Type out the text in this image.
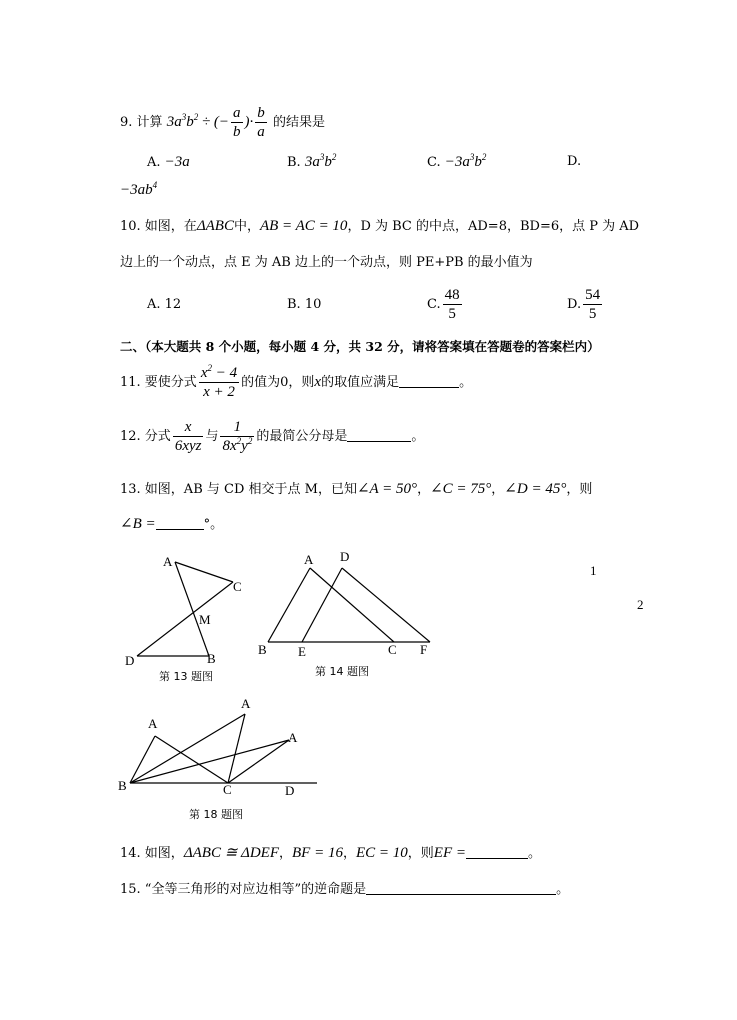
9. 计算 $3a^3b^2$ ÷ (− $\frac{a}{b}$ )· $\frac{b}{a}$ 的结果是
A. −3a	B. $3a^3b^2$	C. $-3a^3b^2$	D.
$-3ab^4$
10. 如图，在ΔABC中，AB = AC = 10，D 为 BC 的中点，AD=8，BD=6，点 P 为 AD
边上的一个动点，点 E 为 AB 边上的一个动点，则 PE+PB 的最小值为
A. 12	B. 10	C. $\frac{48}{5}$	D. $\frac{54}{5}$
二、（本大题共 8 个小题，每小题 4 分，共 32 分，请将答案填在答题卷的答案栏内）
11. 要使分式 $\frac{x^2 - 4}{x + 2}$ 的值为0，则x的取值应满足	。
12. 分式 $\frac{x}{\text{6xyz}}$ 与 $\frac{1}{8x^2y^2}$ 的最简公分母是	。
13. 如图，AB 与 CD 相交于点 M，已知∠A = 50°，∠C = 75°，∠D = 45°，则
∠B =	°。
A
C
M
D	B
第 13 题图
A D
B E	C F
第 14 题图
1
2
A
A
A
B	C	D
第 18 题图
14. 如图，ΔABC ≅ ΔDEF，BF = 16，EC = 10，则EF =	。
15. “全等三角形的对应边相等”的逆命题是	。
